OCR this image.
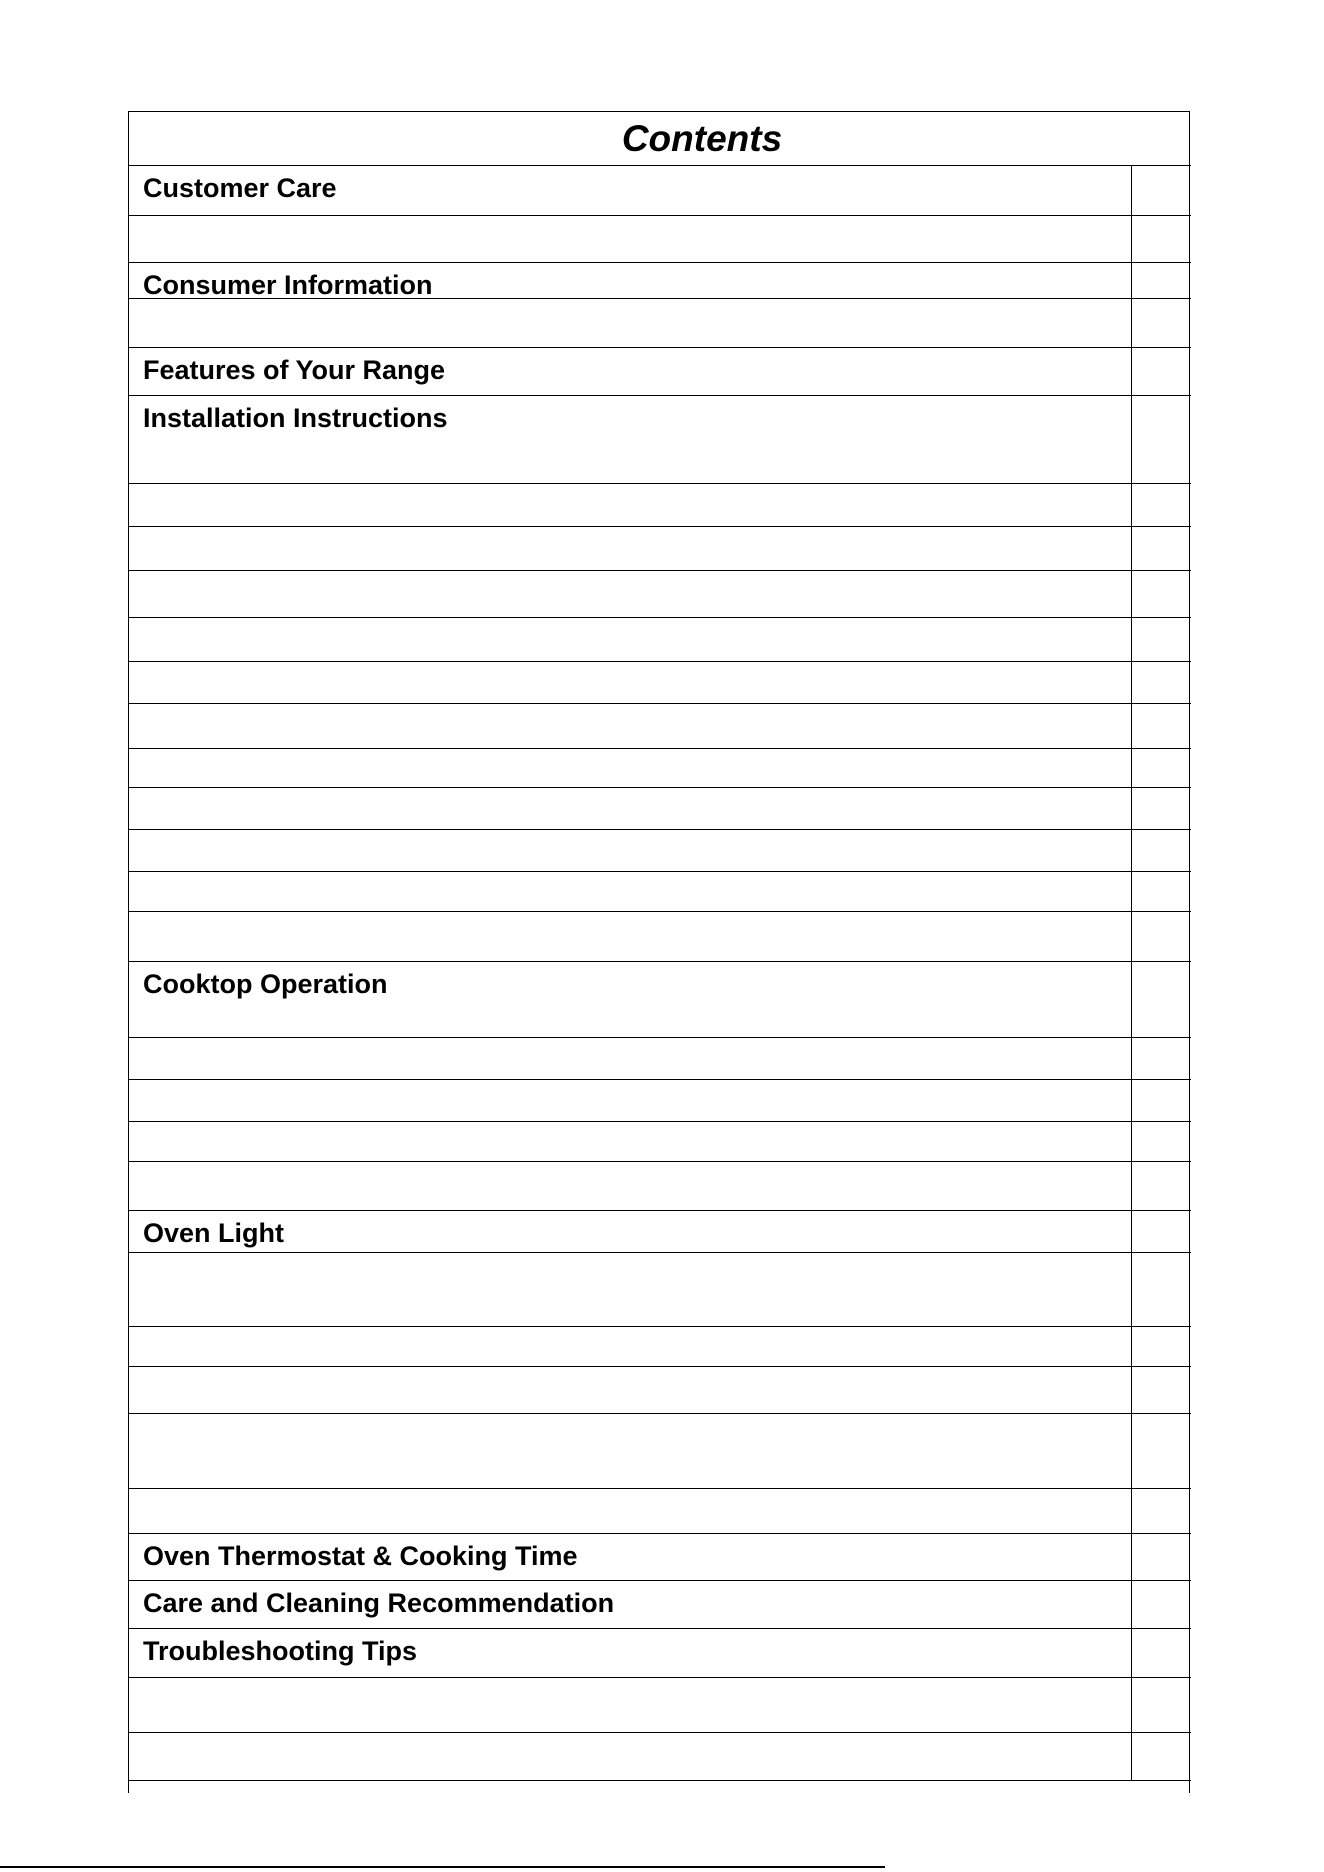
Contents
Customer Care
Consumer Information
Features of Your Range
Installation Instructions
Cooktop Operation
Oven Light
Oven Thermostat & Cooking Time
Care and Cleaning Recommendation
Troubleshooting Tips
